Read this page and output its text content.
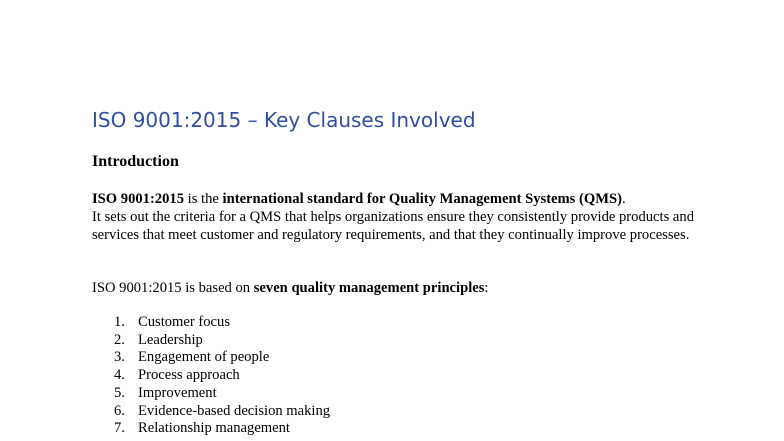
ISO 9001:2015 – Key Clauses Involved
Introduction
ISO 9001:2015 is the international standard for Quality Management Systems (QMS).
It sets out the criteria for a QMS that helps organizations ensure they consistently provide products and services that meet customer and regulatory requirements, and that they continually improve processes.
ISO 9001:2015 is based on seven quality management principles:
1. Customer focus
2. Leadership
3. Engagement of people
4. Process approach
5. Improvement
6. Evidence-based decision making
7. Relationship management
